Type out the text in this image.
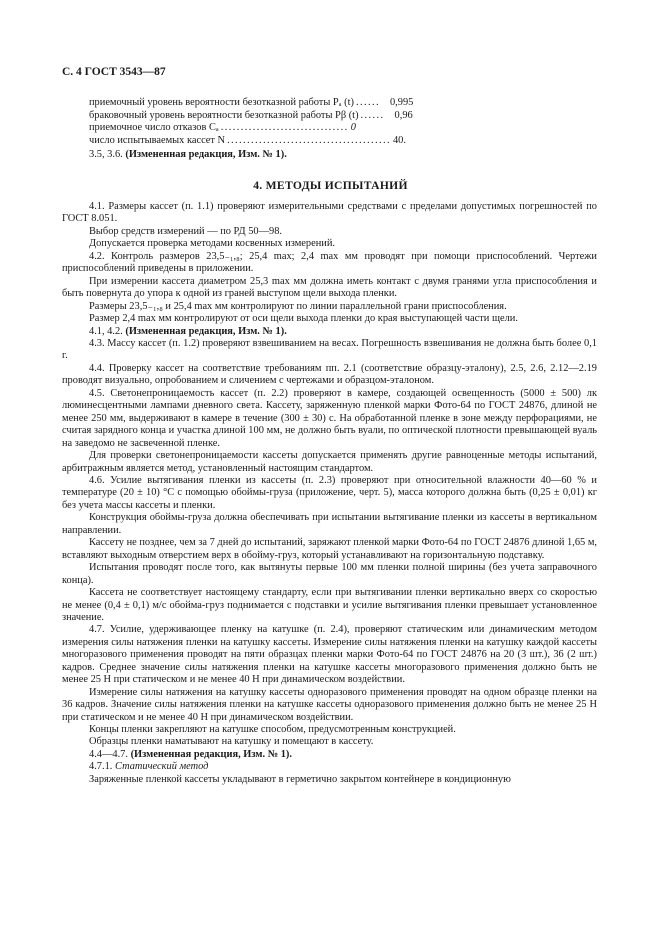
С. 4 ГОСТ 3543—87
приемочный уровень вероятности безотказной работы Pₐ (t) ...... 0,995
браковочный уровень вероятности безотказной работы Pβ (t) ...... 0,96
приемочное число отказов Cₐ ................................ 0
число испытываемых кассет N ......................................... 40.
3.5, 3.6. (Измененная редакция, Изм. № 1).
4. МЕТОДЫ ИСПЫТАНИЙ

4.1. Размеры кассет (п. 1.1) проверяют измерительными средствами с пределами допустимых погрешностей по ГОСТ 8.051.

Выбор средств измерений — по РД 50—98.

Допускается проверка методами косвенных измерений.

4.2. Контроль размеров 23,5₋₁,₈; 25,4 max; 2,4 max мм проводят при помощи приспособлений. Чертежи приспособлений приведены в приложении.

При измерении кассета диаметром 25,3 max мм должна иметь контакт с двумя гранями угла приспособления и быть повернута до упора к одной из граней выступом щели выхода пленки.

Размеры 23,5₋₁,₈ и 25,4 max мм контролируют по линии параллельной грани приспособления.

Размер 2,4 max мм контролируют от оси щели выхода пленки до края выступающей части щели.

4.1, 4.2. (Измененная редакция, Изм. № 1).

4.3. Массу кассет (п. 1.2) проверяют взвешиванием на весах. Погрешность взвешивания не должна быть более 0,1 г.

4.4. Проверку кассет на соответствие требованиям пп. 2.1 (соответствие образцу-эталону), 2.5, 2.6, 2.12—2.19 проводят визуально, опробованием и сличением с чертежами и образцом-эталоном.

4.5. Светонепроницаемость кассет (п. 2.2) проверяют в камере, создающей освещенность (5000 ± 500) лк люминесцентными лампами дневного света. Кассету, заряженную пленкой марки Фото-64 по ГОСТ 24876, длиной не менее 250 мм, выдерживают в камере в течение (300 ± 30) с. На обработанной пленке в зоне между перфорациями, не считая зарядного конца и участка длиной 100 мм, не должно быть вуали, по оптической плотности превышающей вуаль на заведомо не засвеченной пленке.

Для проверки светонепроницаемости кассеты допускается применять другие равноценные методы испытаний, арбитражным является метод, установленный настоящим стандартом.

4.6. Усилие вытягивания пленки из кассеты (п. 2.3) проверяют при относительной влажности 40—60 % и температуре (20 ± 10) °С с помощью обоймы-груза (приложение, черт. 5), масса которого должна быть (0,25 ± 0,01) кг без учета массы кассеты и пленки.

Конструкция обоймы-груза должна обеспечивать при испытании вытягивание пленки из кассеты в вертикальном направлении.

Кассету не позднее, чем за 7 дней до испытаний, заряжают пленкой марки Фото-64 по ГОСТ 24876 длиной 1,65 м, вставляют выходным отверстием верх в обойму-груз, который устанавливают на горизонтальную подставку.

Испытания проводят после того, как вытянуты первые 100 мм пленки полной ширины (без учета заправочного конца).

Кассета не соответствует настоящему стандарту, если при вытягивании пленки вертикально вверх со скоростью не менее (0,4 ± 0,1) м/с обойма-груз поднимается с подставки и усилие вытягивания пленки превышает установленное значение.

4.7. Усилие, удерживающее пленку на катушке (п. 2.4), проверяют статическим или динамическим методом измерения силы натяжения пленки на катушку кассеты. Измерение силы натяжения пленки на катушку каждой кассеты многоразового применения проводят на пяти образцах пленки марки Фото-64 по ГОСТ 24876 на 20 (3 шт.), 36 (2 шт.) кадров. Среднее значение силы натяжения пленки на катушке кассеты многоразового применения должно быть не менее 25 Н при статическом и не менее 40 Н при динамическом воздействии.

Измерение силы натяжения на катушку кассеты одноразового применения проводят на одном образце пленки на 36 кадров. Значение силы натяжения пленки на катушке кассеты одноразового применения должно быть не менее 25 Н при статическом и не менее 40 Н при динамическом воздействии.

Концы пленки закрепляют на катушке способом, предусмотренным конструкцией.

Образцы пленки наматывают на катушку и помещают в кассету.

4.4—4.7. (Измененная редакция, Изм. № 1).

4.7.1. Статический метод

Заряженные пленкой кассеты укладывают в герметично закрытом контейнере в кондиционную
